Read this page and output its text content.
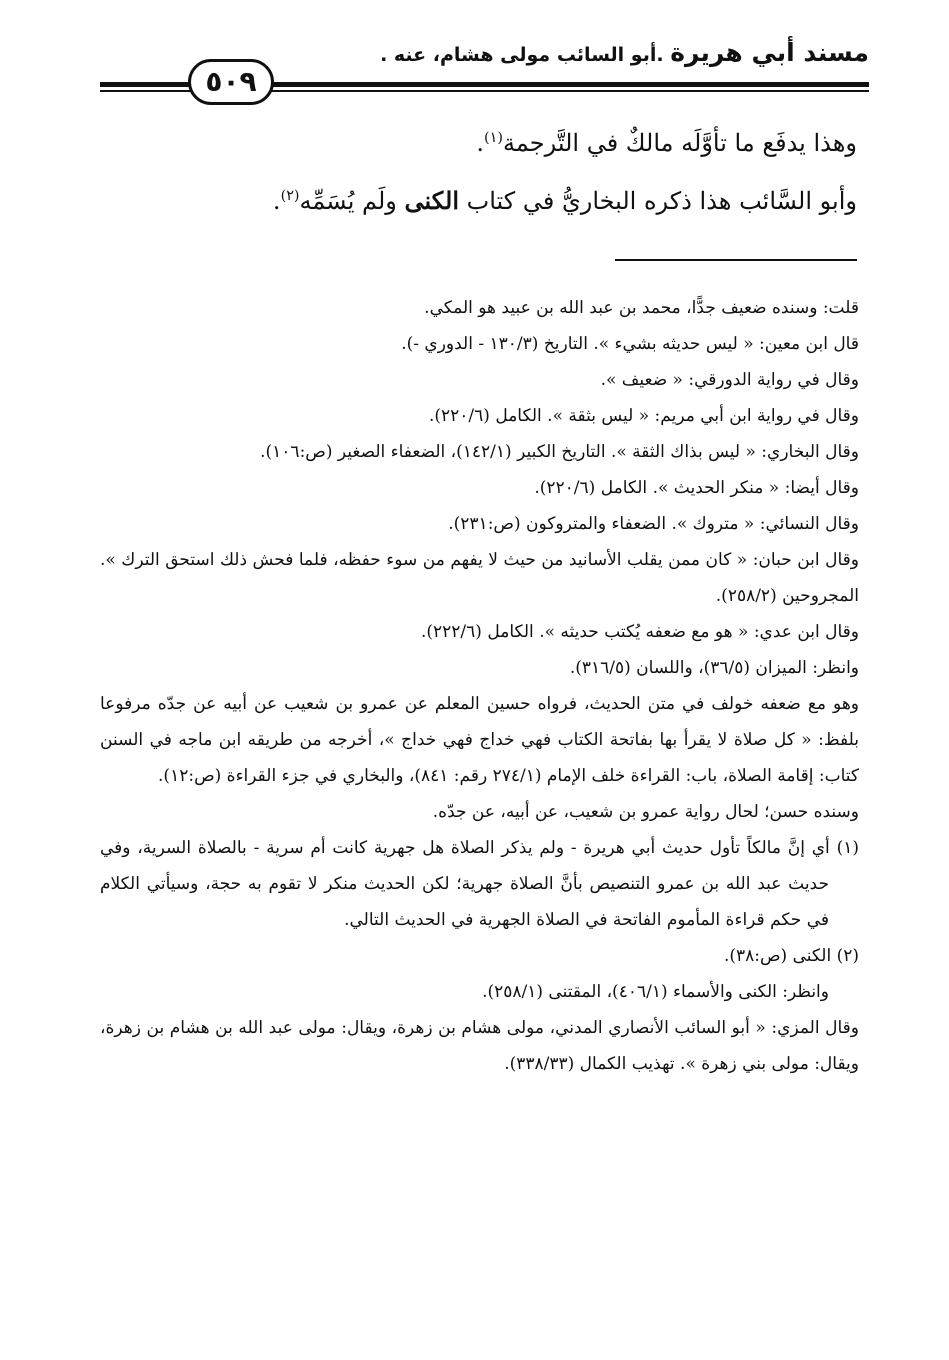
مسند أبي هريرة .أبو السائب مولى هشام، عنه .
٥٠٩

وهذا يدفَع ما تأوَّلَه مالكٌ في التَّرجمة$^{(١)}$.

وأبو السَّائب هذا ذكره البخاريُّ في كتاب الكنى ولَم يُسَمِّه$^{(٢)}$.

قلت: وسنده ضعيف جدًّا، محمد بن عبد الله بن عبيد هو المكي.

قال ابن معين: « ليس حديثه بشيء ». التاريخ (١٣٠/٣ - الدوري -).

وقال في رواية الدورقي: « ضعيف ».

وقال في رواية ابن أبي مريم: « ليس بثقة ». الكامل (٢٢٠/٦).

وقال البخاري: « ليس بذاك الثقة ». التاريخ الكبير (١٤٢/١)، الضعفاء الصغير (ص:١٠٦).

وقال أيضا: « منكر الحديث ». الكامل (٢٢٠/٦).

وقال النسائي: « متروك ». الضعفاء والمتروكون (ص:٢٣١).

وقال ابن حبان: « كان ممن يقلب الأسانيد من حيث لا يفهم من سوء حفظه، فلما فحش ذلك استحق الترك ». المجروحين (٢٥٨/٢).

وقال ابن عدي: « هو مع ضعفه يُكتب حديثه ». الكامل (٢٢٢/٦).

وانظر: الميزان (٣٦/٥)، واللسان (٣١٦/٥).

وهو مع ضعفه خولف في متن الحديث، فرواه حسين المعلم عن عمرو بن شعيب عن أبيه عن جدّه مرفوعا بلفظ: « كل صلاة لا يقرأ بها بفاتحة الكتاب فهي خداج فهي خداج »، أخرجه من طريقه ابن ماجه في السنن كتاب: إقامة الصلاة، باب: القراءة خلف الإمام (٢٧٤/١ رقم: ٨٤١)، والبخاري في جزء القراءة (ص:١٢).

وسنده حسن؛ لحال رواية عمرو بن شعيب، عن أبيه، عن جدّه.

(١) أي إنَّ مالكاً تأول حديث أبي هريرة - ولم يذكر الصلاة هل جهرية كانت أم سرية - بالصلاة السرية، وفي حديث عبد الله بن عمرو التنصيص بأنَّ الصلاة جهرية؛ لكن الحديث منكر لا تقوم به حجة، وسيأتي الكلام في حكم قراءة المأموم الفاتحة في الصلاة الجهرية في الحديث التالي.

(٢) الكنى (ص:٣٨).

وانظر: الكنى والأسماء (٤٠٦/١)، المقتنى (٢٥٨/١).

وقال المزي: « أبو السائب الأنصاري المدني، مولى هشام بن زهرة، ويقال: مولى عبد الله بن هشام بن زهرة، ويقال: مولى بني زهرة ». تهذيب الكمال (٣٣٨/٣٣).
